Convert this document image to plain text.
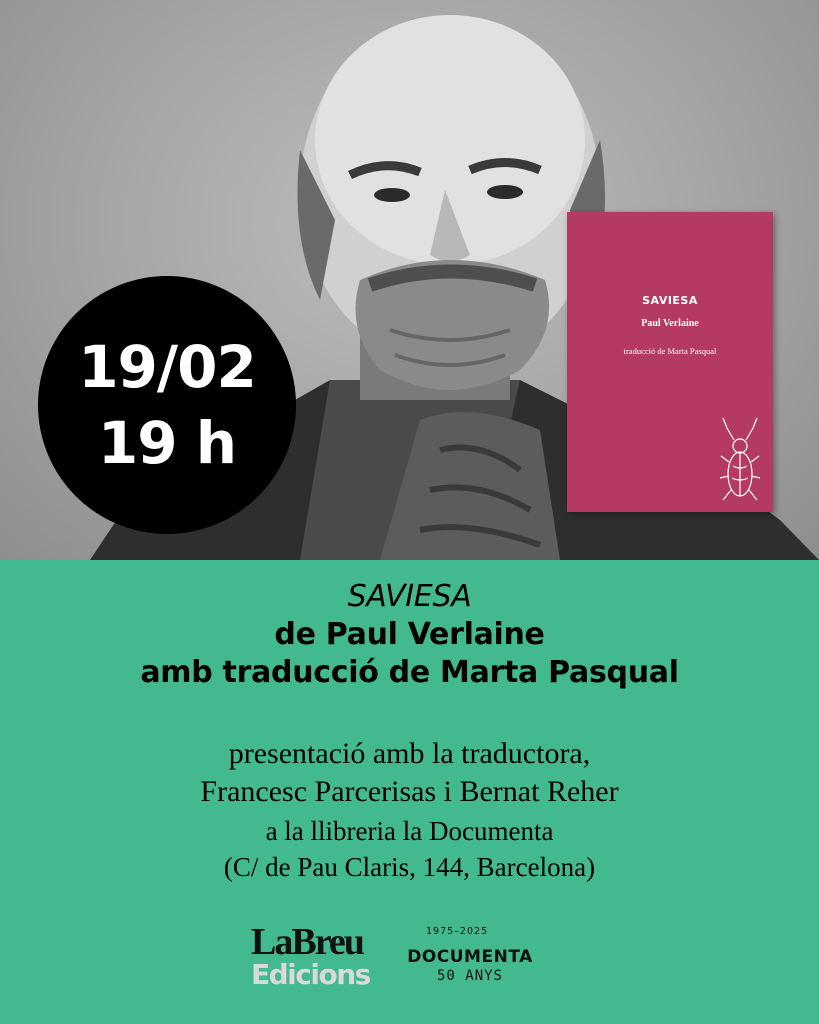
19/02
19 h
SAVIESA
Paul Verlaine
traducció de Marta Pasqual
SAVIESA
de Paul Verlaine
amb traducció de Marta Pasqual
presentació amb la traductora,
Francesc Parcerisas i Bernat Reher
a la llibreria la Documenta
(C/ de Pau Claris, 144, Barcelona)
LaBreu
Edicions
1975–2025
DOCUMENTA
50 ANYS
